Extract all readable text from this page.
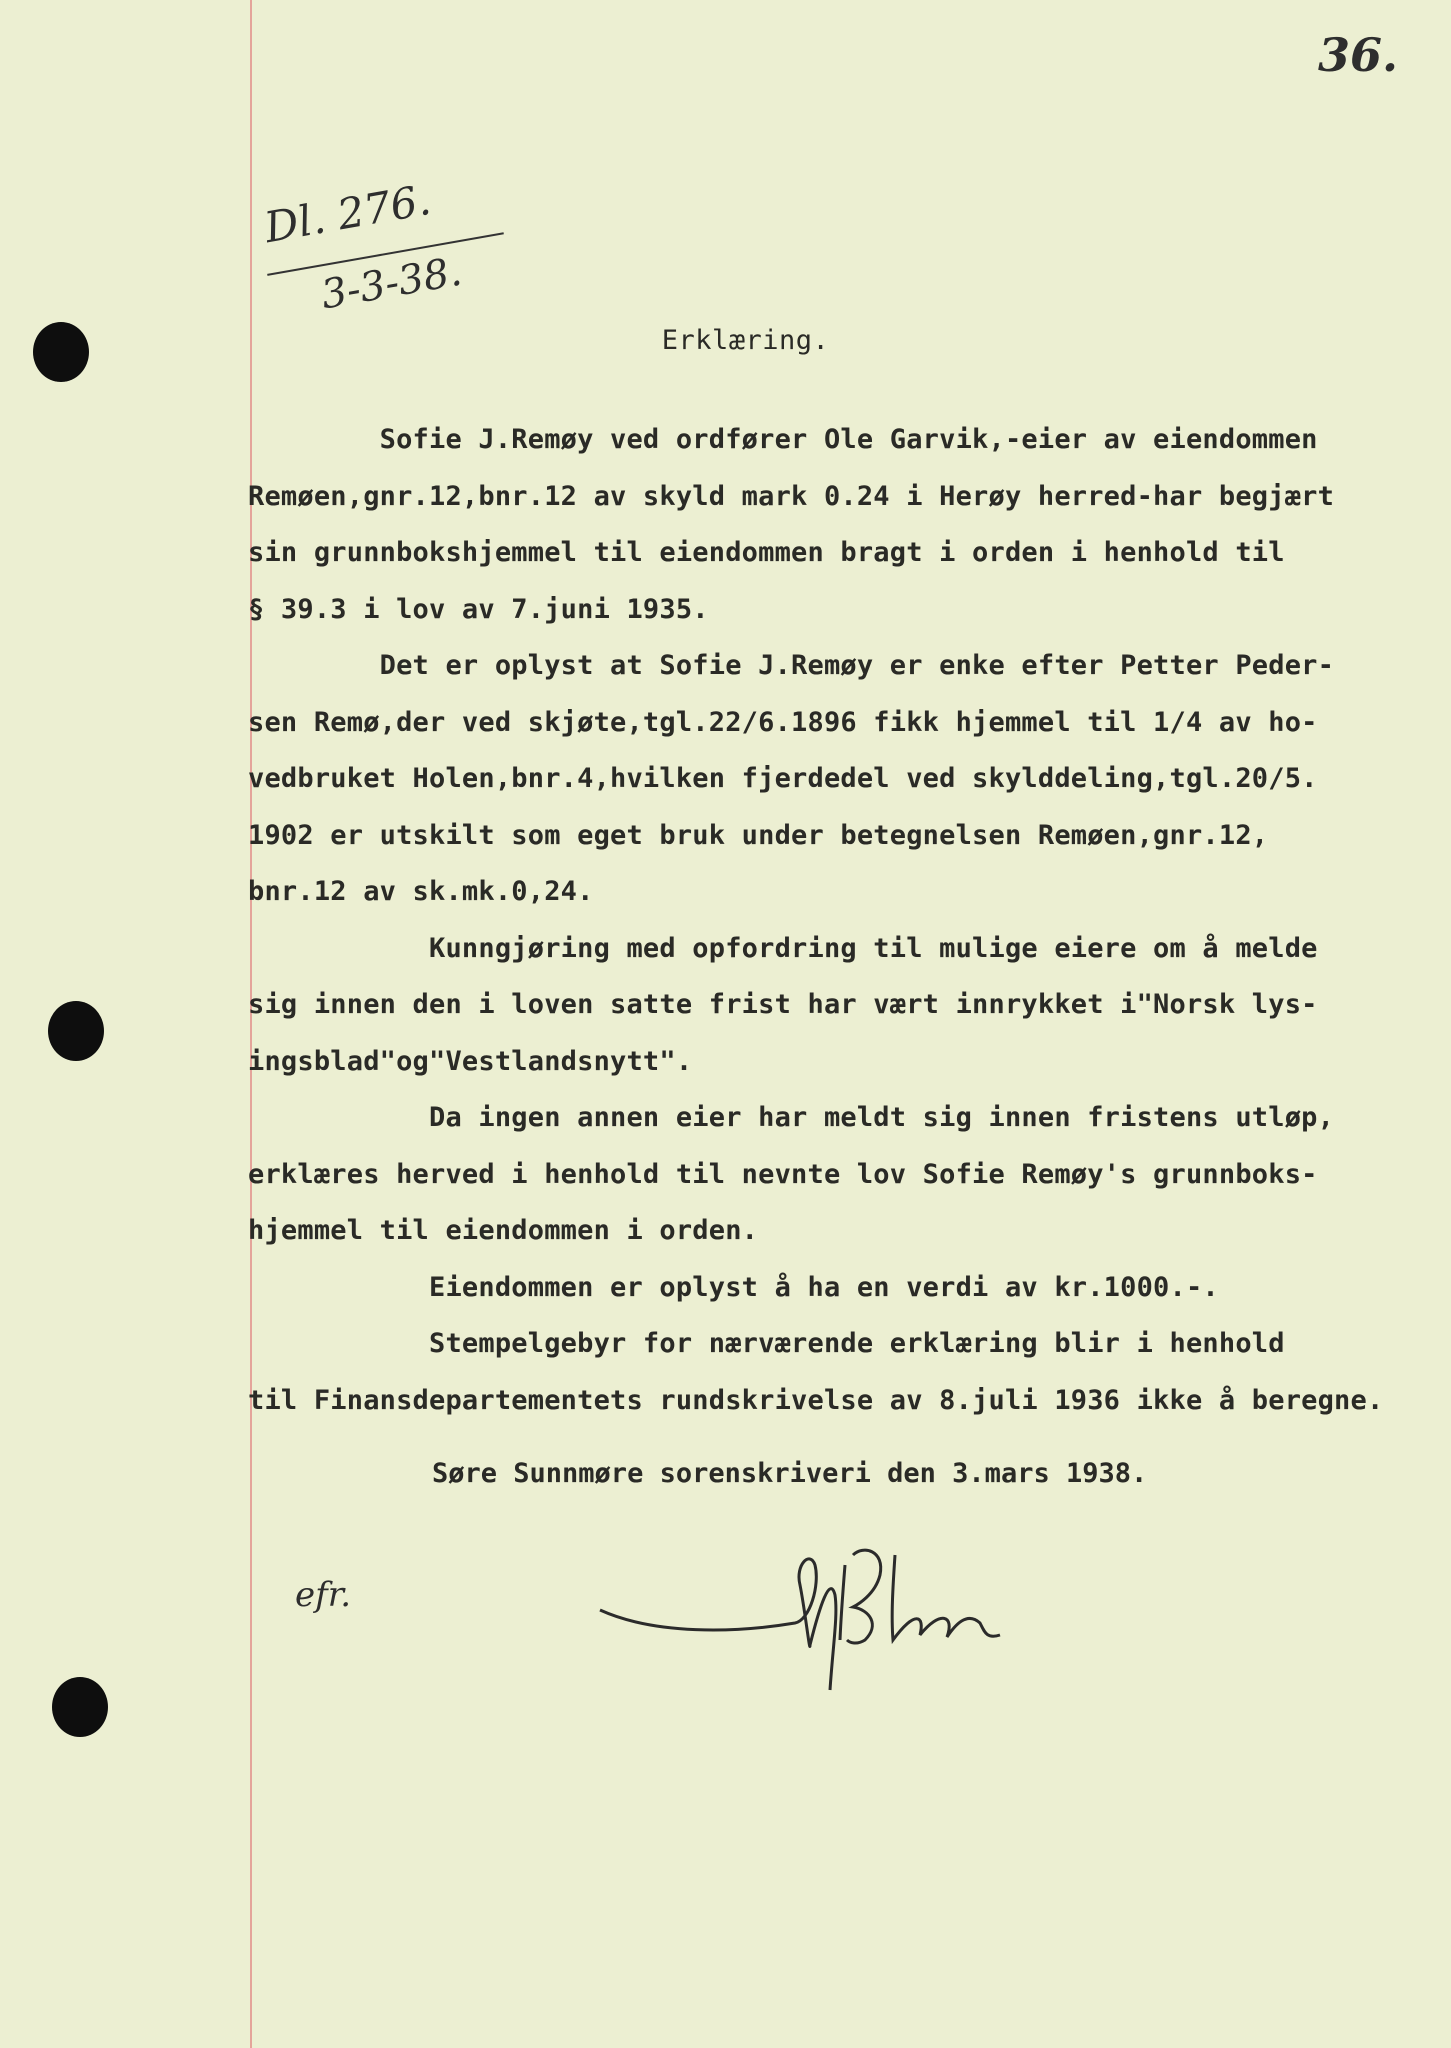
36.
Dl. 276.
3-3-38.
Erklæring.
Sofie J.Remøy ved ordfører Ole Garvik,-eier av eiendommen
Remøen,gnr.12,bnr.12 av skyld mark 0.24 i Herøy herred-har begjært
sin grunnbokshjemmel til eiendommen bragt i orden i henhold til
§ 39.3 i lov av 7.juni 1935.
Det er oplyst at Sofie J.Remøy er enke efter Petter Peder-
sen Remø,der ved skjøte,tgl.22/6.1896 fikk hjemmel til 1/4 av ho-
vedbruket Holen,bnr.4,hvilken fjerdedel ved skylddeling,tgl.20/5.
1902 er utskilt som eget bruk under betegnelsen Remøen,gnr.12,
bnr.12 av sk.mk.0,24.
Kunngjøring med opfordring til mulige eiere om å melde
sig innen den i loven satte frist har vært innrykket i"Norsk lys-
ingsblad"og"Vestlandsnytt".
Da ingen annen eier har meldt sig innen fristens utløp,
erklæres herved i henhold til nevnte lov Sofie Remøy's grunnboks-
hjemmel til eiendommen i orden.
Eiendommen er oplyst å ha en verdi av kr.1000.-.
Stempelgebyr for nærværende erklæring blir i henhold
til Finansdepartementets rundskrivelse av 8.juli 1936 ikke å beregne.
Søre Sunnmøre sorenskriveri den 3.mars 1938.
efr.
